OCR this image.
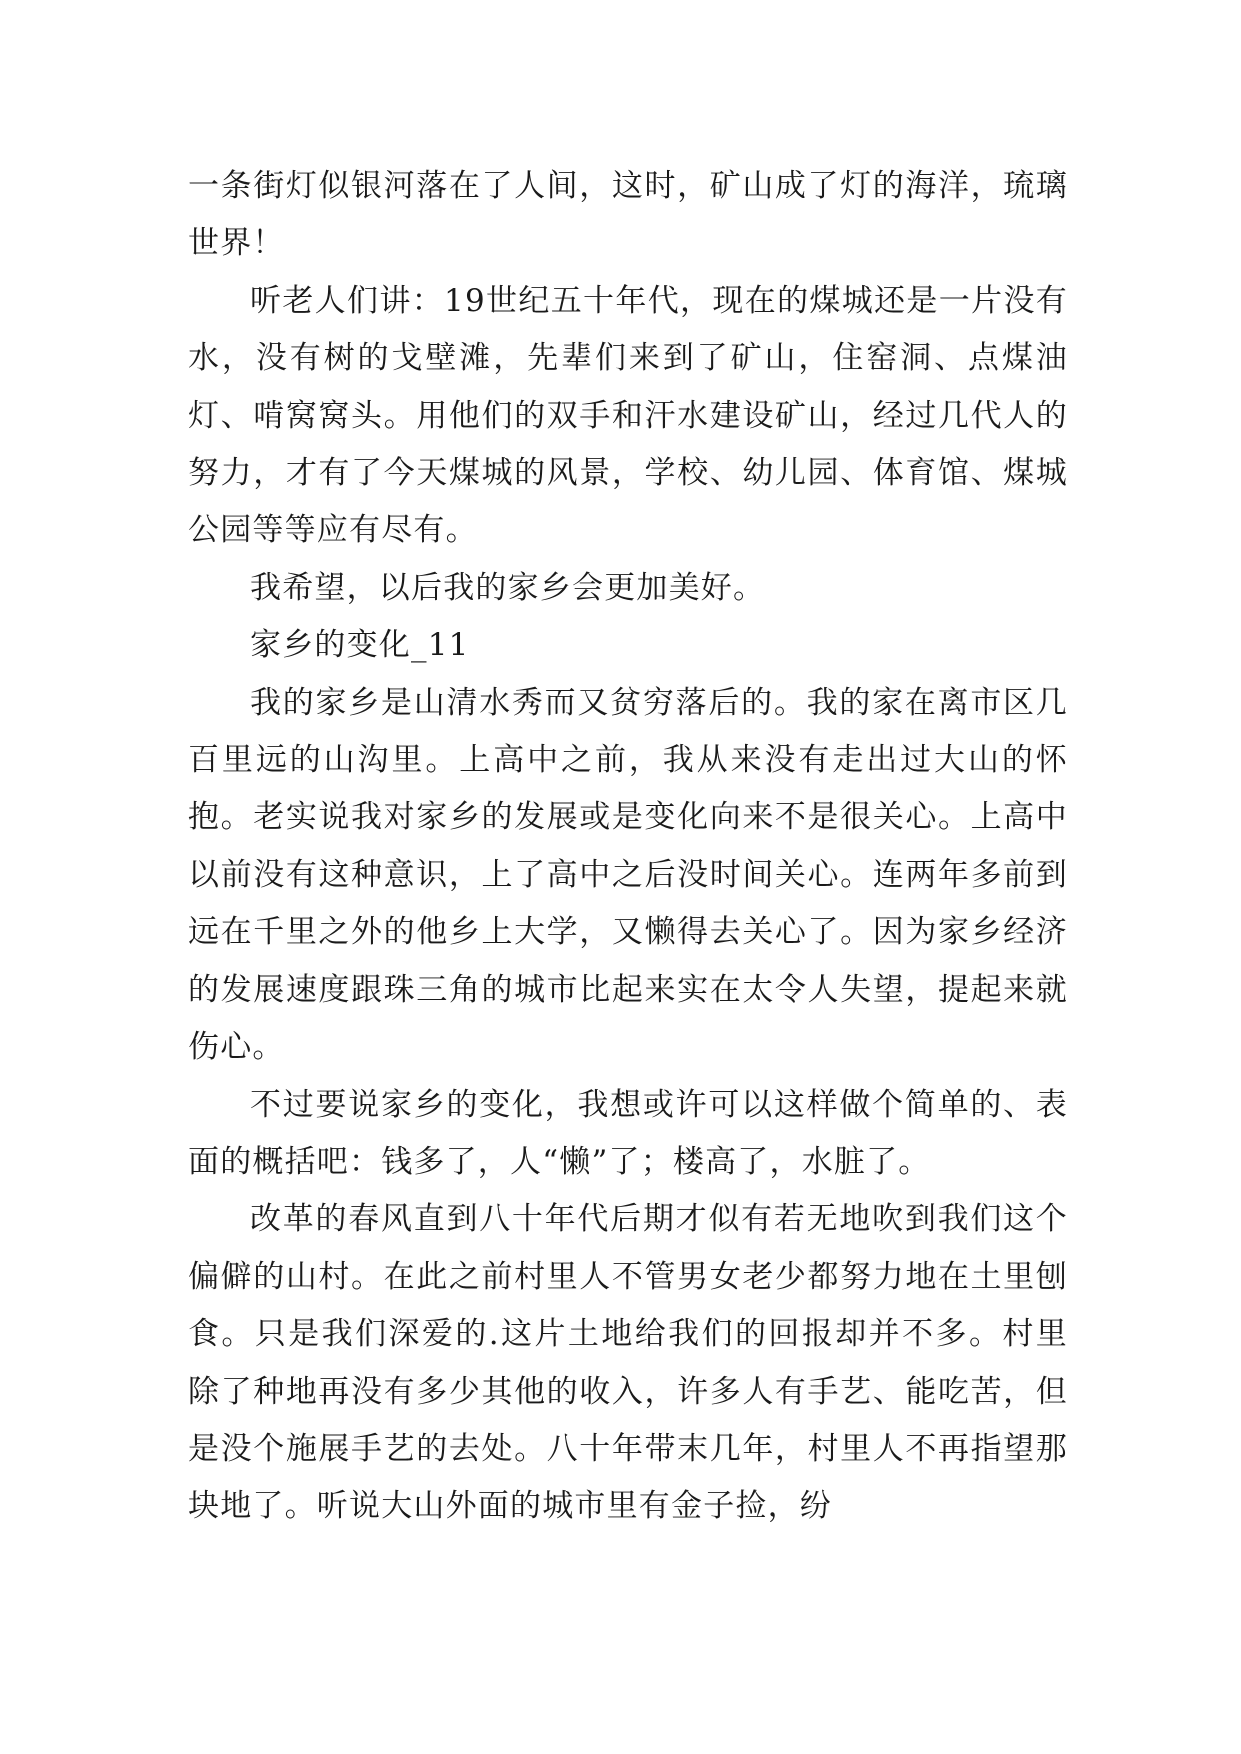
一条街灯似银河落在了人间，这时，矿山成了灯的海洋，琉璃世界！

听老人们讲：19世纪五十年代，现在的煤城还是一片没有水，没有树的戈壁滩，先辈们来到了矿山，住窑洞、点煤油灯、啃窝窝头。用他们的双手和汗水建设矿山，经过几代人的努力，才有了今天煤城的风景，学校、幼儿园、体育馆、煤城公园等等应有尽有。

我希望，以后我的家乡会更加美好。

家乡的变化_11

我的家乡是山清水秀而又贫穷落后的。我的家在离市区几百里远的山沟里。上高中之前，我从来没有走出过大山的怀抱。老实说我对家乡的发展或是变化向来不是很关心。上高中以前没有这种意识，上了高中之后没时间关心。连两年多前到远在千里之外的他乡上大学，又懒得去关心了。因为家乡经济的发展速度跟珠三角的城市比起来实在太令人失望，提起来就伤心。

不过要说家乡的变化，我想或许可以这样做个简单的、表面的概括吧：钱多了，人“懒”了；楼高了，水脏了。

改革的春风直到八十年代后期才似有若无地吹到我们这个偏僻的山村。在此之前村里人不管男女老少都努力地在土里刨食。只是我们深爱的.这片土地给我们的回报却并不多。村里除了种地再没有多少其他的收入，许多人有手艺、能吃苦，但是没个施展手艺的去处。八十年带末几年，村里人不再指望那块地了。听说大山外面的城市里有金子捡，纷
